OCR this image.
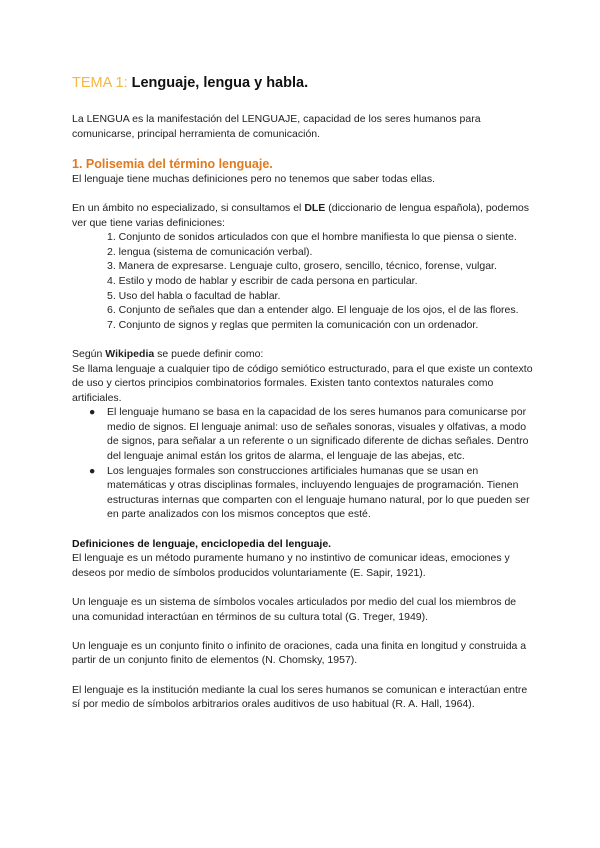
TEMA 1: Lenguaje, lengua y habla.

La LENGUA es la manifestación del LENGUAJE, capacidad de los seres humanos para comunicarse, principal herramienta de comunicación.

1. Polisemia del término lenguaje.

El lenguaje tiene muchas definiciones pero no tenemos que saber todas ellas.

En un ámbito no especializado, si consultamos el DLE (diccionario de lengua española), podemos ver que tiene varias definiciones:

1. Conjunto de sonidos articulados con que el hombre manifiesta lo que piensa o siente.
2. lengua (sistema de comunicación verbal).
3. Manera de expresarse. Lenguaje culto, grosero, sencillo, técnico, forense, vulgar.
4. Estilo y modo de hablar y escribir de cada persona en particular.
5. Uso del habla o facultad de hablar.
6. Conjunto de señales que dan a entender algo. El lenguaje de los ojos, el de las flores.
7. Conjunto de signos y reglas que permiten la comunicación con un ordenador.

Según Wikipedia se puede definir como:

Se llama lenguaje a cualquier tipo de código semiótico estructurado, para el que existe un contexto de uso y ciertos principios combinatorios formales. Existen tanto contextos naturales como artificiales.

● El lenguaje humano se basa en la capacidad de los seres humanos para comunicarse por medio de signos. El lenguaje animal: uso de señales sonoras, visuales y olfativas, a modo de signos, para señalar a un referente o un significado diferente de dichas señales. Dentro del lenguaje animal están los gritos de alarma, el lenguaje de las abejas, etc.
● Los lenguajes formales son construcciones artificiales humanas que se usan en matemáticas y otras disciplinas formales, incluyendo lenguajes de programación. Tienen estructuras internas que comparten con el lenguaje humano natural, por lo que pueden ser en parte analizados con los mismos conceptos que esté.

Definiciones de lenguaje, enciclopedia del lenguaje.

El lenguaje es un método puramente humano y no instintivo de comunicar ideas, emociones y deseos por medio de símbolos producidos voluntariamente (E. Sapir, 1921).

Un lenguaje es un sistema de símbolos vocales articulados por medio del cual los miembros de una comunidad interactúan en términos de su cultura total (G. Treger, 1949).

Un lenguaje es un conjunto finito o infinito de oraciones, cada una finita en longitud y construida a partir de un conjunto finito de elementos (N. Chomsky, 1957).

El lenguaje es la institución mediante la cual los seres humanos se comunican e interactúan entre sí por medio de símbolos arbitrarios orales auditivos de uso habitual (R. A. Hall, 1964).
